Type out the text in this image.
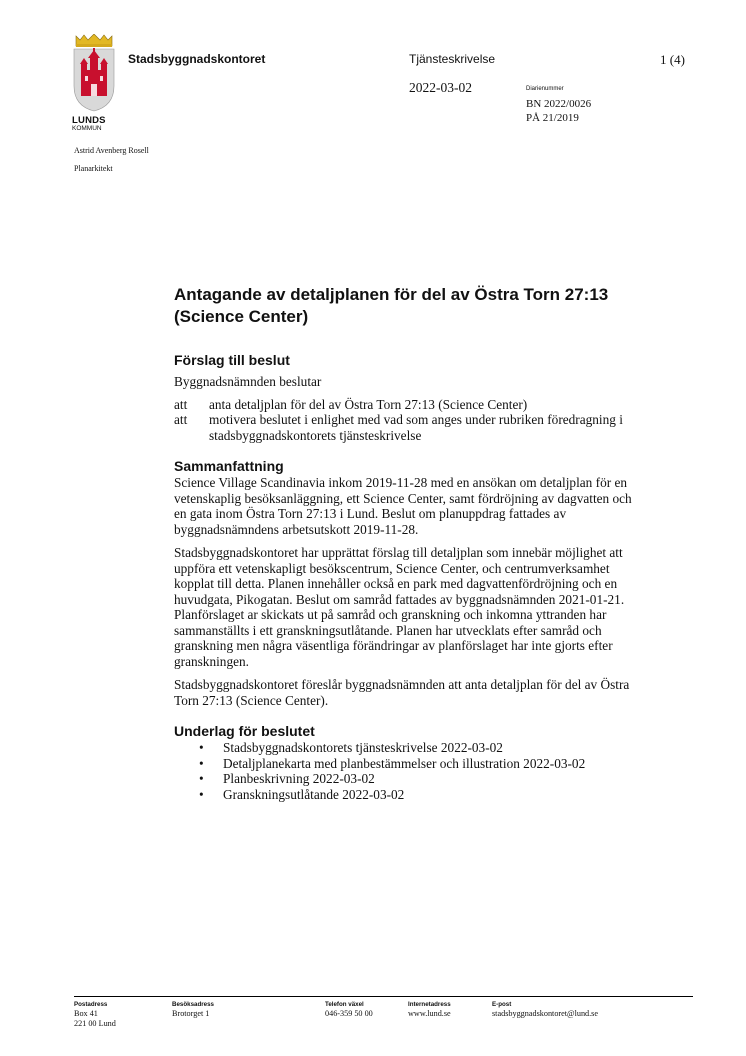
LUNDS
KOMMUN
Stadsbyggnadskontoret	Tjänsteskrivelse	1 (4)
2022-03-02	Diarienummer
BN 2022/0026
PÅ 21/2019
Astrid Avenberg Rosell
Planarkitekt
Antagande av detaljplanen för del av Östra Torn 27:13 (Science Center)
Förslag till beslut

Byggnadsnämnden beslutar

att	anta detaljplan för del av Östra Torn 27:13 (Science Center)
att	motivera beslutet i enlighet med vad som anges under rubriken föredragning i stadsbyggnadskontorets tjänsteskrivelse
Sammanfattning

Science Village Scandinavia inkom 2019-11-28 med en ansökan om detaljplan för en vetenskaplig besöksanläggning, ett Science Center, samt fördröjning av dagvatten och en gata inom Östra Torn 27:13 i Lund. Beslut om planuppdrag fattades av byggnadsnämndens arbetsutskott 2019-11-28.

Stadsbyggnadskontoret har upprättat förslag till detaljplan som innebär möjlighet att uppföra ett vetenskapligt besökscentrum, Science Center, och centrumverksamhet kopplat till detta. Planen innehåller också en park med dagvattenfördröjning och en huvudgata, Pikogatan. Beslut om samråd fattades av byggnadsnämnden 2021-01-21. Planförslaget ar skickats ut på samråd och granskning och inkomna yttranden har sammanställts i ett granskningsutlåtande. Planen har utvecklats efter samråd och granskning men några väsentliga förändringar av planförslaget har inte gjorts efter granskningen.

Stadsbyggnadskontoret föreslår byggnadsnämnden att anta detaljplan för del av Östra Torn 27:13 (Science Center).

Underlag för beslutet
•	Stadsbyggnadskontorets tjänsteskrivelse 2022-03-02
•	Detaljplanekarta med planbestämmelser och illustration 2022-03-02
•	Planbeskrivning 2022-03-02
•	Granskningsutlåtande 2022-03-02
Postadress
Box 41
221 00 Lund
Besöksadress
Brotorget 1
Telefon växel
046-359 50 00
Internetadress
www.lund.se
E-post
stadsbyggnadskontoret@lund.se
